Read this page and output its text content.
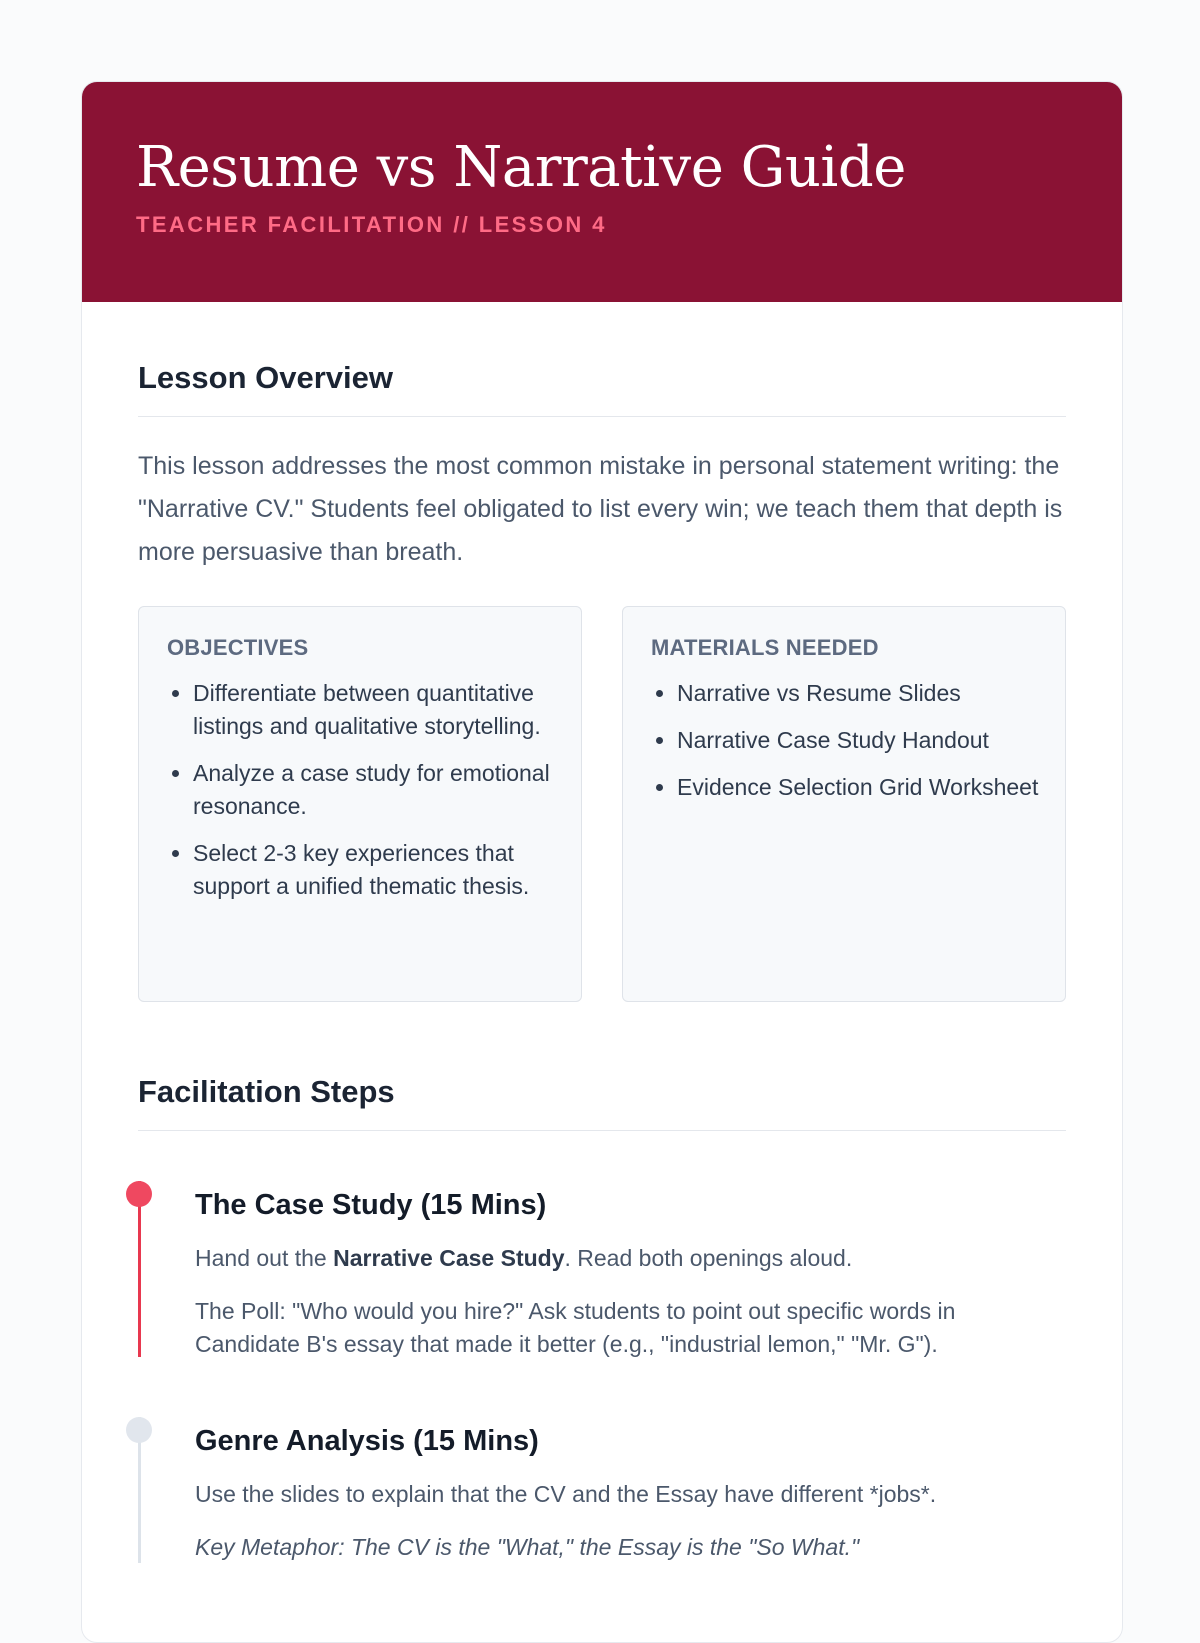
Resume vs Narrative Guide
TEACHER FACILITATION // LESSON 4
Lesson Overview

This lesson addresses the most common mistake in personal statement writing: the "Narrative CV." Students feel obligated to list every win; we teach them that depth is more persuasive than breath.

OBJECTIVES
• Differentiate between quantitative listings and qualitative storytelling.
• Analyze a case study for emotional resonance.
• Select 2-3 key experiences that support a unified thematic thesis.
MATERIALS NEEDED
• Narrative vs Resume Slides
• Narrative Case Study Handout
• Evidence Selection Grid Worksheet
Facilitation Steps
The Case Study (15 Mins)

Hand out the Narrative Case Study. Read both openings aloud.

The Poll: "Who would you hire?" Ask students to point out specific words in Candidate B's essay that made it better (e.g., "industrial lemon," "Mr. G").

Genre Analysis (15 Mins)

Use the slides to explain that the CV and the Essay have different *jobs*.

Key Metaphor: The CV is the "What," the Essay is the "So What."
